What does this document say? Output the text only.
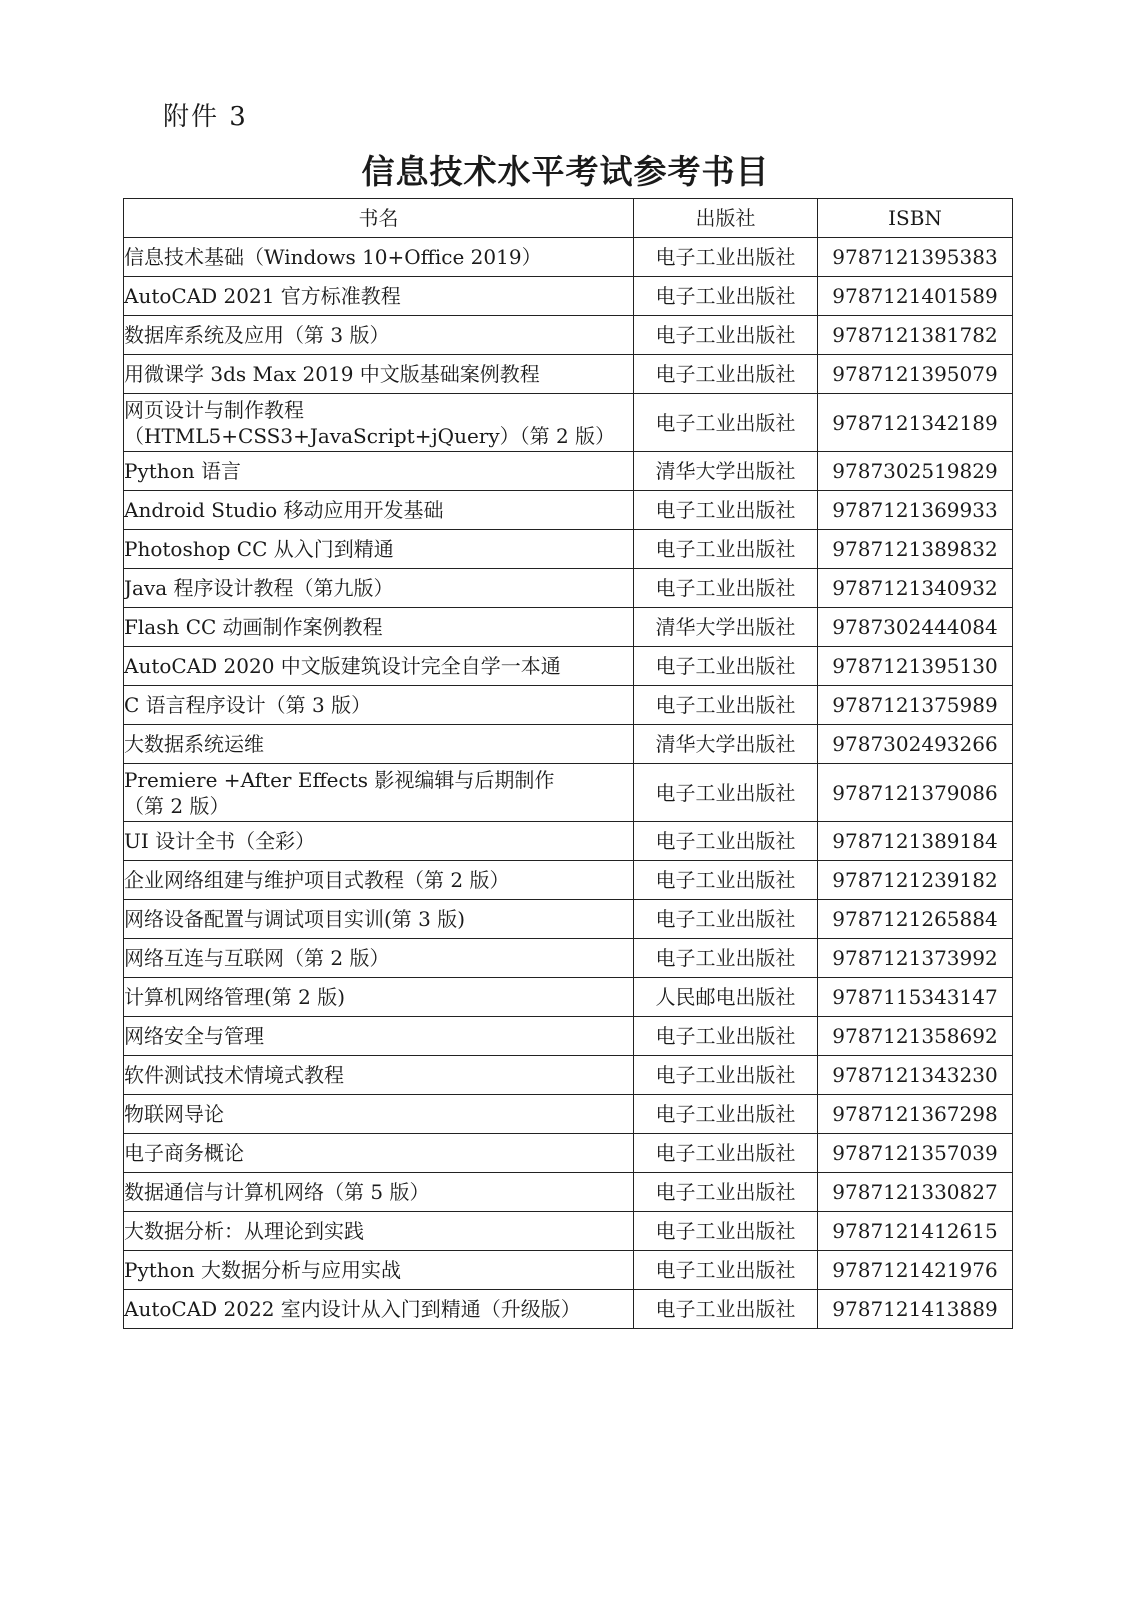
附件 3
信息技术水平考试参考书目
书名	出版社	ISBN
信息技术基础（Windows 10+Office 2019）	电子工业出版社	9787121395383
AutoCAD 2021 官方标准教程	电子工业出版社	9787121401589
数据库系统及应用（第 3 版）	电子工业出版社	9787121381782
用微课学 3ds Max 2019 中文版基础案例教程	电子工业出版社	9787121395079
网页设计与制作教程
（HTML5+CSS3+JavaScript+jQuery）（第 2 版）	电子工业出版社	9787121342189
Python 语言	清华大学出版社	9787302519829
Android Studio 移动应用开发基础	电子工业出版社	9787121369933
Photoshop CC 从入门到精通	电子工业出版社	9787121389832
Java 程序设计教程（第九版）	电子工业出版社	9787121340932
Flash CC 动画制作案例教程	清华大学出版社	9787302444084
AutoCAD 2020 中文版建筑设计完全自学一本通	电子工业出版社	9787121395130
C 语言程序设计（第 3 版）	电子工业出版社	9787121375989
大数据系统运维	清华大学出版社	9787302493266
Premiere +After Effects 影视编辑与后期制作
（第 2 版）	电子工业出版社	9787121379086
UI 设计全书（全彩）	电子工业出版社	9787121389184
企业网络组建与维护项目式教程（第 2 版）	电子工业出版社	9787121239182
网络设备配置与调试项目实训(第 3 版)	电子工业出版社	9787121265884
网络互连与互联网（第 2 版）	电子工业出版社	9787121373992
计算机网络管理(第 2 版)	人民邮电出版社	9787115343147
网络安全与管理	电子工业出版社	9787121358692
软件测试技术情境式教程	电子工业出版社	9787121343230
物联网导论	电子工业出版社	9787121367298
电子商务概论	电子工业出版社	9787121357039
数据通信与计算机网络（第 5 版）	电子工业出版社	9787121330827
大数据分析：从理论到实践	电子工业出版社	9787121412615
Python 大数据分析与应用实战	电子工业出版社	9787121421976
AutoCAD 2022 室内设计从入门到精通（升级版）	电子工业出版社	9787121413889
